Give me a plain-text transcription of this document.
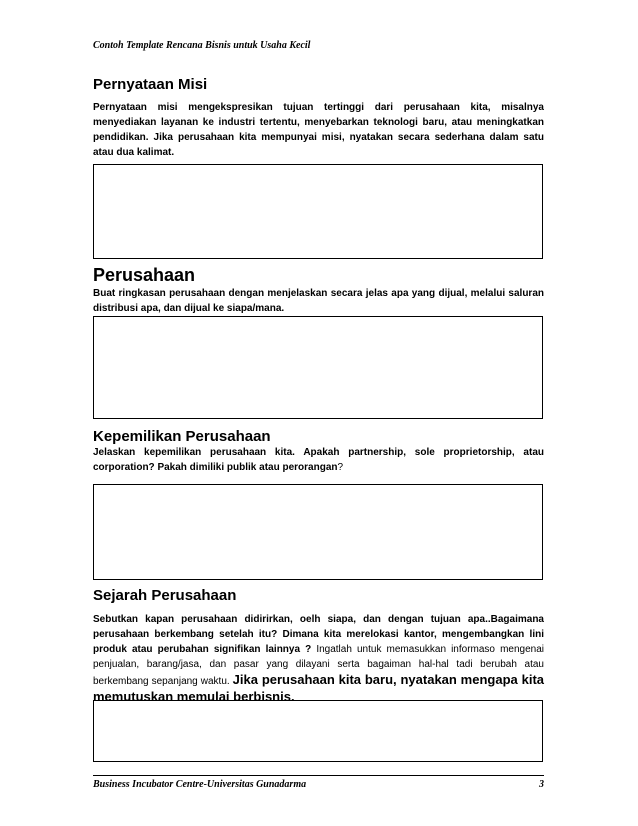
Contoh Template Rencana Bisnis untuk Usaha Kecil
Pernyataan Misi

Pernyataan misi mengekspresikan tujuan tertinggi dari perusahaan kita, misalnya menyediakan layanan ke industri tertentu, menyebarkan teknologi baru, atau meningkatkan pendidikan. Jika perusahaan kita mempunyai misi, nyatakan secara sederhana dalam satu atau dua kalimat.

Perusahaan

Buat ringkasan perusahaan dengan menjelaskan secara jelas apa yang dijual, melalui saluran distribusi apa, dan dijual ke siapa/mana.

Kepemilikan Perusahaan

Jelaskan kepemilikan perusahaan kita. Apakah partnership, sole proprietorship, atau corporation? Pakah dimiliki publik atau perorangan?

Sejarah Perusahaan

Sebutkan kapan perusahaan didirirkan, oelh siapa, dan dengan tujuan apa..Bagaimana perusahaan berkembang setelah itu? Dimana kita merelokasi kantor, mengembangkan lini produk atau perubahan signifikan lainnya ? Ingatlah untuk memasukkan informaso mengenai penjualan, barang/jasa, dan pasar yang dilayani serta bagaiman hal-hal tadi berubah atau berkembang sepanjang waktu. Jika perusahaan kita baru, nyatakan mengapa kita memutuskan memulai berbisnis.

Business Incubator Centre-Universitas Gunadarma	3
